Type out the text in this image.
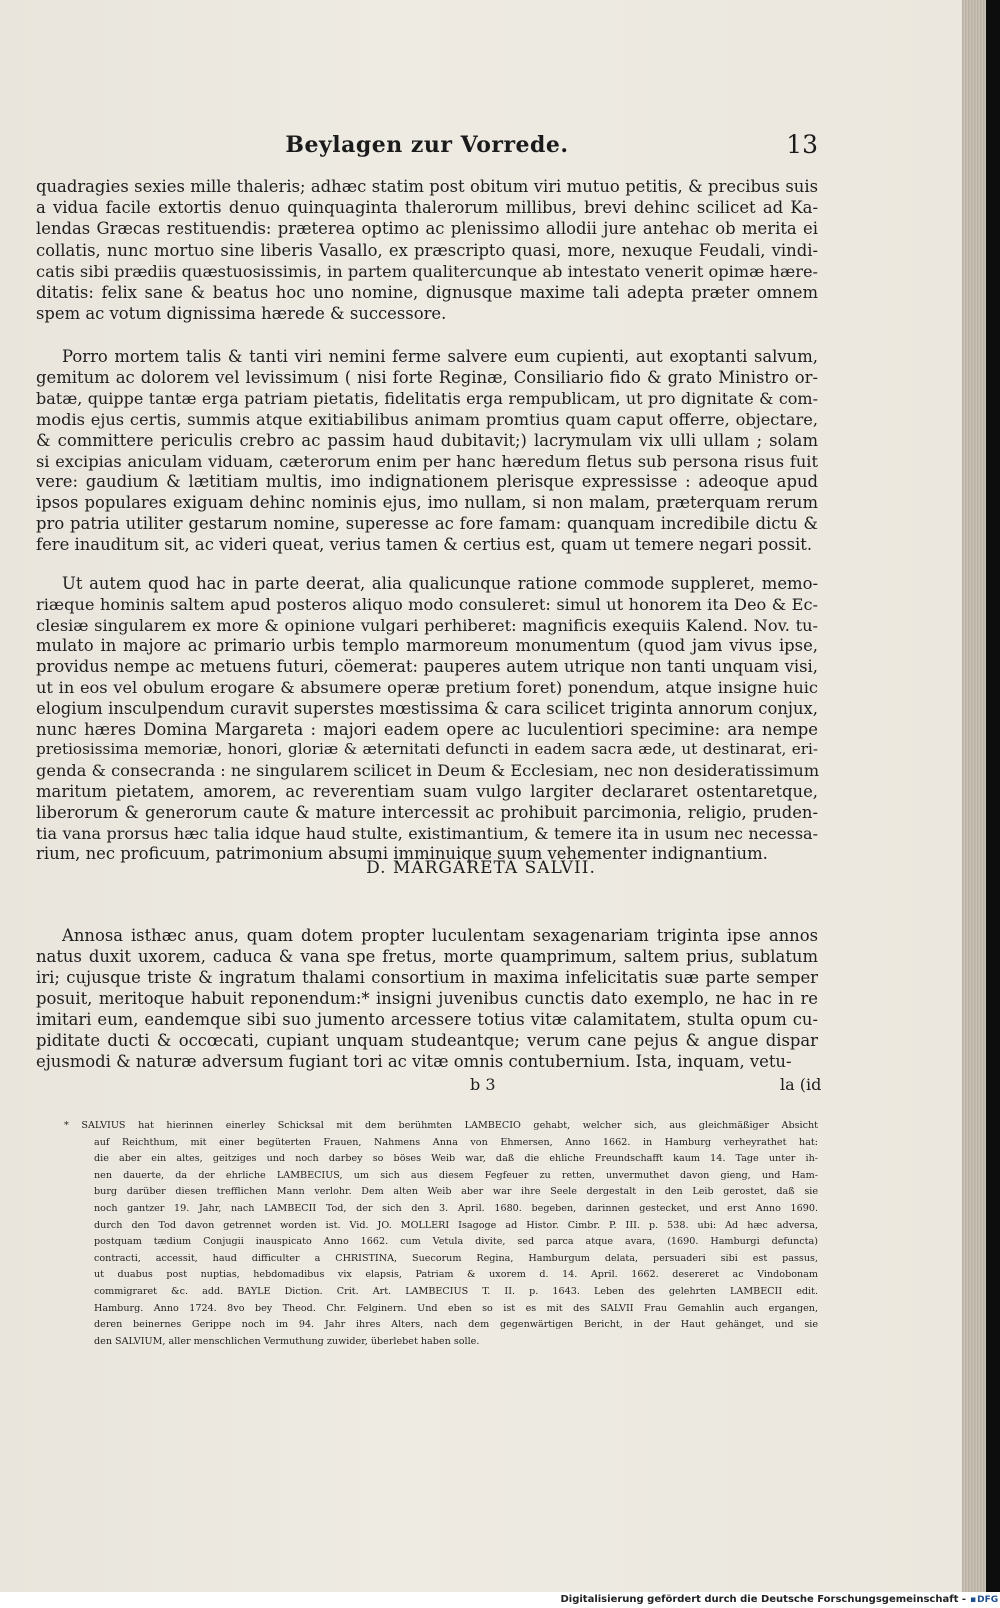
Beylagen zur Vorrede.	13
quadragies sexies mille thaleris; adhæc statim post obitum viri mutuo petitis, & precibus suis
a vidua facile extortis denuo quinquaginta thalerorum millibus, brevi dehinc scilicet ad Ka-
lendas Græcas restituendis: præterea optimo ac plenissimo allodii jure antehac ob merita ei
collatis, nunc mortuo sine liberis Vasallo, ex præscripto quasi, more, nexuque Feudali, vindi-
catis sibi prædiis quæstuosissimis, in partem qualitercunque ab intestato venerit opimæ hære-
ditatis: felix sane & beatus hoc uno nomine, dignusque maxime tali adepta præter omnem
spem ac votum dignissima hærede & successore.
Porro mortem talis & tanti viri nemini ferme salvere eum cupienti, aut exoptanti salvum,
gemitum ac dolorem vel levissimum ( nisi forte Reginæ, Consiliario fido & grato Ministro or-
batæ, quippe tantæ erga patriam pietatis, fidelitatis erga rempublicam, ut pro dignitate & com-
modis ejus certis, summis atque exitiabilibus animam promtius quam caput offerre, objectare,
& committere periculis crebro ac passim haud dubitavit;) lacrymulam vix ulli ullam ; solam
si excipias aniculam viduam, cæterorum enim per hanc hæredum fletus sub persona risus fuit
vere: gaudium & lætitiam multis, imo indignationem plerisque expressisse : adeoque apud
ipsos populares exiguam dehinc nominis ejus, imo nullam, si non malam, præterquam rerum
pro patria utiliter gestarum nomine, superesse ac fore famam: quanquam incredibile dictu &
fere inauditum sit, ac videri queat, verius tamen & certius est, quam ut temere negari possit.
Ut autem quod hac in parte deerat, alia qualicunque ratione commode suppleret, memo-
riæque hominis saltem apud posteros aliquo modo consuleret: simul ut honorem ita Deo & Ec-
clesiæ singularem ex more & opinione vulgari perhiberet: magnificis exequiis Kalend. Nov. tu-
mulato in majore ac primario urbis templo marmoreum monumentum (quod jam vivus ipse,
providus nempe ac metuens futuri, cöemerat: pauperes autem utrique non tanti unquam visi,
ut in eos vel obulum erogare & absumere operæ pretium foret) ponendum, atque insigne huic
elogium insculpendum curavit superstes mœstissima & cara scilicet triginta annorum conjux,
nunc hæres Domina Margareta : majori eadem opere ac luculentiori specimine: ara nempe
pretiosissima memoriæ, honori, gloriæ & æternitati defuncti in eadem sacra æde, ut destinarat, eri-
genda & consecranda : ne singularem scilicet in Deum & Ecclesiam, nec non desideratissimum
maritum pietatem, amorem, ac reverentiam suam vulgo largiter declararet ostentaretque,
liberorum & generorum caute & mature intercessit ac prohibuit parcimonia, religio, pruden-
tia vana prorsus hæc talia idque haud stulte, existimantium, & temere ita in usum nec necessa-
rium, nec proficuum, patrimonium absumi imminuique suum vehementer indignantium.
Annosa isthæc anus, quam dotem propter luculentam sexagenariam triginta ipse annos
natus duxit uxorem, caduca & vana spe fretus, morte quamprimum, saltem prius, sublatum
iri; cujusque triste & ingratum thalami consortium in maxima infelicitatis suæ parte semper
posuit, meritoque habuit reponendum:* insigni juvenibus cunctis dato exemplo, ne hac in re
imitari eum, eandemque sibi suo jumento arcessere totius vitæ calamitatem, stulta opum cu-
piditate ducti & occœcati, cupiant unquam studeantque; verum cane pejus & angue dispar
ejusmodi & naturæ adversum fugiant tori ac vitæ omnis contubernium. Ista, inquam, vetu-
D. MARGARETA SALVII.
b 3	la (id
* SALVIUS hat hierinnen einerley Schicksal mit dem berühmten LAMBECIO gehabt, welcher sich, aus gleichmäßiger Absicht
auf Reichthum, mit einer begüterten Frauen, Nahmens Anna von Ehmersen, Anno 1662. in Hamburg verheyrathet hat:
die aber ein altes, geitziges und noch darbey so böses Weib war, daß die ehliche Freundschafft kaum 14. Tage unter ih-
nen dauerte, da der ehrliche LAMBECIUS, um sich aus diesem Fegfeuer zu retten, unvermuthet davon gieng, und Ham-
burg darüber diesen trefflichen Mann verlohr. Dem alten Weib aber war ihre Seele dergestalt in den Leib gerostet, daß sie
noch gantzer 19. Jahr, nach LAMBECII Tod, der sich den 3. April. 1680. begeben, darinnen gestecket, und erst Anno 1690.
durch den Tod davon getrennet worden ist. Vid. JO. MOLLERI Isagoge ad Histor. Cimbr. P. III. p. 538. ubi: Ad hæc adversa,
postquam tædium Conjugii inauspicato Anno 1662. cum Vetula divite, sed parca atque avara, (1690. Hamburgi defuncta)
contracti, accessit, haud difficulter a CHRISTINA, Suecorum Regina, Hamburgum delata, persuaderi sibi est passus,
ut duabus post nuptias, hebdomadibus vix elapsis, Patriam & uxorem d. 14. April. 1662. desereret ac Vindobonam
commigraret &c. add. BAYLE Diction. Crit. Art. LAMBECIUS T. II. p. 1643. Leben des gelehrten LAMBECII edit.
Hamburg. Anno 1724. 8vo bey Theod. Chr. Felginern. Und eben so ist es mit des SALVII Frau Gemahlin auch ergangen,
deren beinernes Gerippe noch im 94. Jahr ihres Alters, nach dem gegenwärtigen Bericht, in der Haut gehänget, und sie
den SALVIUM, aller menschlichen Vermuthung zuwider, überlebet haben solle.
Digitalisierung gefördert durch die Deutsche Forschungsgemeinschaft -
▪	DFG
